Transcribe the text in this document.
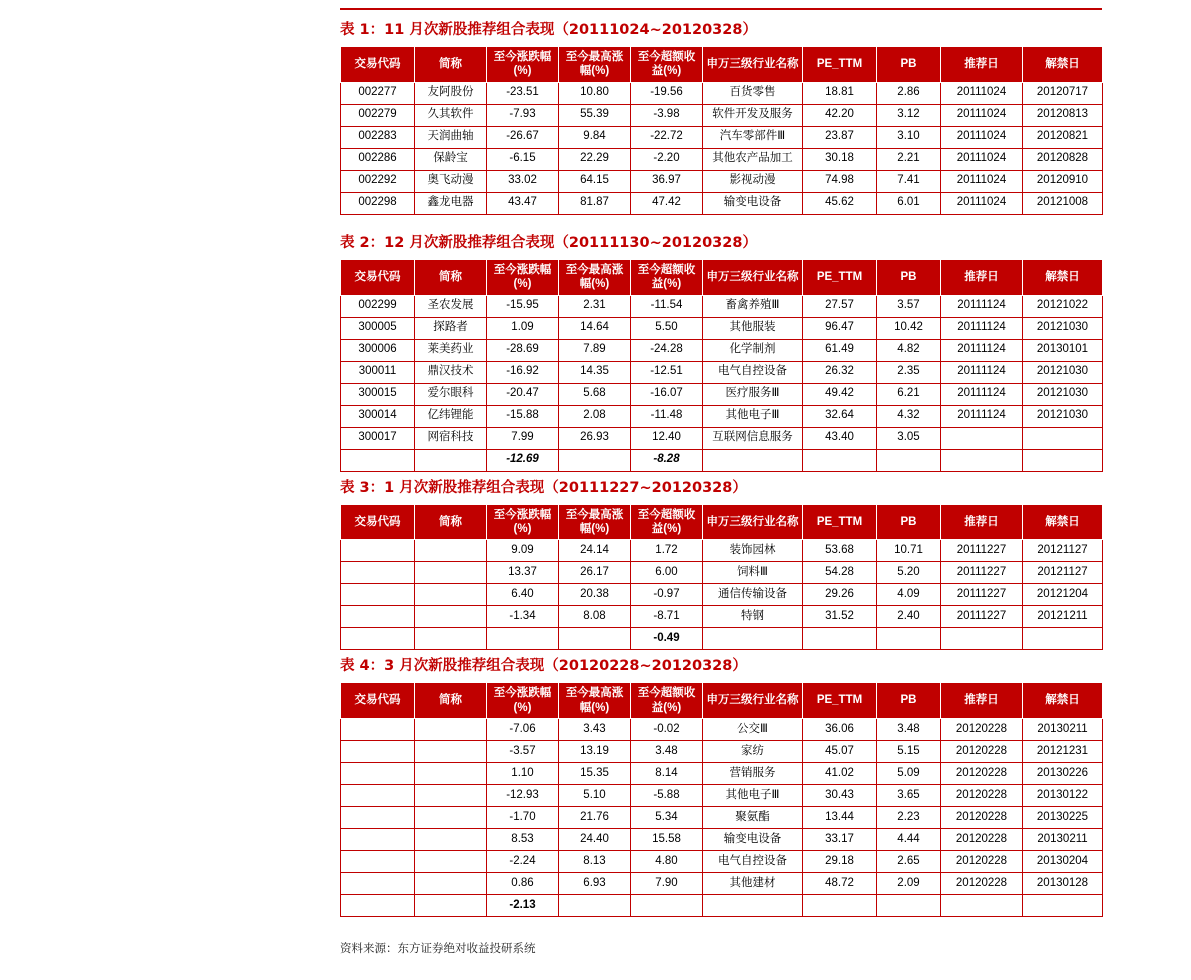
表 1：11 月次新股推荐组合表现（20111024~20120328）
交易代码	简称	至今涨跌幅(%)	至今最高涨幅(%)	至今超额收益(%)	申万三级行业名称	PE_TTM	PB	推荐日	解禁日
002277	友阿股份	-23.51	10.80	-19.56	百货零售	18.81	2.86	20111024	20120717
002279	久其软件	-7.93	55.39	-3.98	软件开发及服务	42.20	3.12	20111024	20120813
002283	天润曲轴	-26.67	9.84	-22.72	汽车零部件Ⅲ	23.87	3.10	20111024	20120821
002286	保龄宝	-6.15	22.29	-2.20	其他农产品加工	30.18	2.21	20111024	20120828
002292	奥飞动漫	33.02	64.15	36.97	影视动漫	74.98	7.41	20111024	20120910
002298	鑫龙电器	43.47	81.87	47.42	输变电设备	45.62	6.01	20111024	20121008
表 2：12 月次新股推荐组合表现（20111130~20120328）
交易代码	简称	至今涨跌幅(%)	至今最高涨幅(%)	至今超额收益(%)	申万三级行业名称	PE_TTM	PB	推荐日	解禁日
002299	圣农发展	-15.95	2.31	-11.54	畜禽养殖Ⅲ	27.57	3.57	20111124	20121022
300005	探路者	1.09	14.64	5.50	其他服装	96.47	10.42	20111124	20121030
300006	莱美药业	-28.69	7.89	-24.28	化学制剂	61.49	4.82	20111124	20130101
300011	鼎汉技术	-16.92	14.35	-12.51	电气自控设备	26.32	2.35	20111124	20121030
300015	爱尔眼科	-20.47	5.68	-16.07	医疗服务Ⅲ	49.42	6.21	20111124	20121030
300014	亿纬锂能	-15.88	2.08	-11.48	其他电子Ⅲ	32.64	4.32	20111124	20121030
300017	网宿科技	7.99	26.93	12.40	互联网信息服务	43.40	3.05		
		-12.69		-8.28					
表 3：1 月次新股推荐组合表现（20111227~20120328）
交易代码	简称	至今涨跌幅(%)	至今最高涨幅(%)	至今超额收益(%)	申万三级行业名称	PE_TTM	PB	推荐日	解禁日
		9.09	24.14	1.72	装饰园林	53.68	10.71	20111227	20121127
		13.37	26.17	6.00	饲料Ⅲ	54.28	5.20	20111227	20121127
		6.40	20.38	-0.97	通信传输设备	29.26	4.09	20111227	20121204
		-1.34	8.08	-8.71	特钢	31.52	2.40	20111227	20121211
				-0.49					
表 4：3 月次新股推荐组合表现（20120228~20120328）
交易代码	简称	至今涨跌幅(%)	至今最高涨幅(%)	至今超额收益(%)	申万三级行业名称	PE_TTM	PB	推荐日	解禁日
		-7.06	3.43	-0.02	公交Ⅲ	36.06	3.48	20120228	20130211
		-3.57	13.19	3.48	家纺	45.07	5.15	20120228	20121231
		1.10	15.35	8.14	营销服务	41.02	5.09	20120228	20130226
		-12.93	5.10	-5.88	其他电子Ⅲ	30.43	3.65	20120228	20130122
		-1.70	21.76	5.34	聚氨酯	13.44	2.23	20120228	20130225
		8.53	24.40	15.58	输变电设备	33.17	4.44	20120228	20130211
		-2.24	8.13	4.80	电气自控设备	29.18	2.65	20120228	20130204
		0.86	6.93	7.90	其他建材	48.72	2.09	20120228	20130128
		-2.13							
资料来源：东方证券绝对收益投研系统
